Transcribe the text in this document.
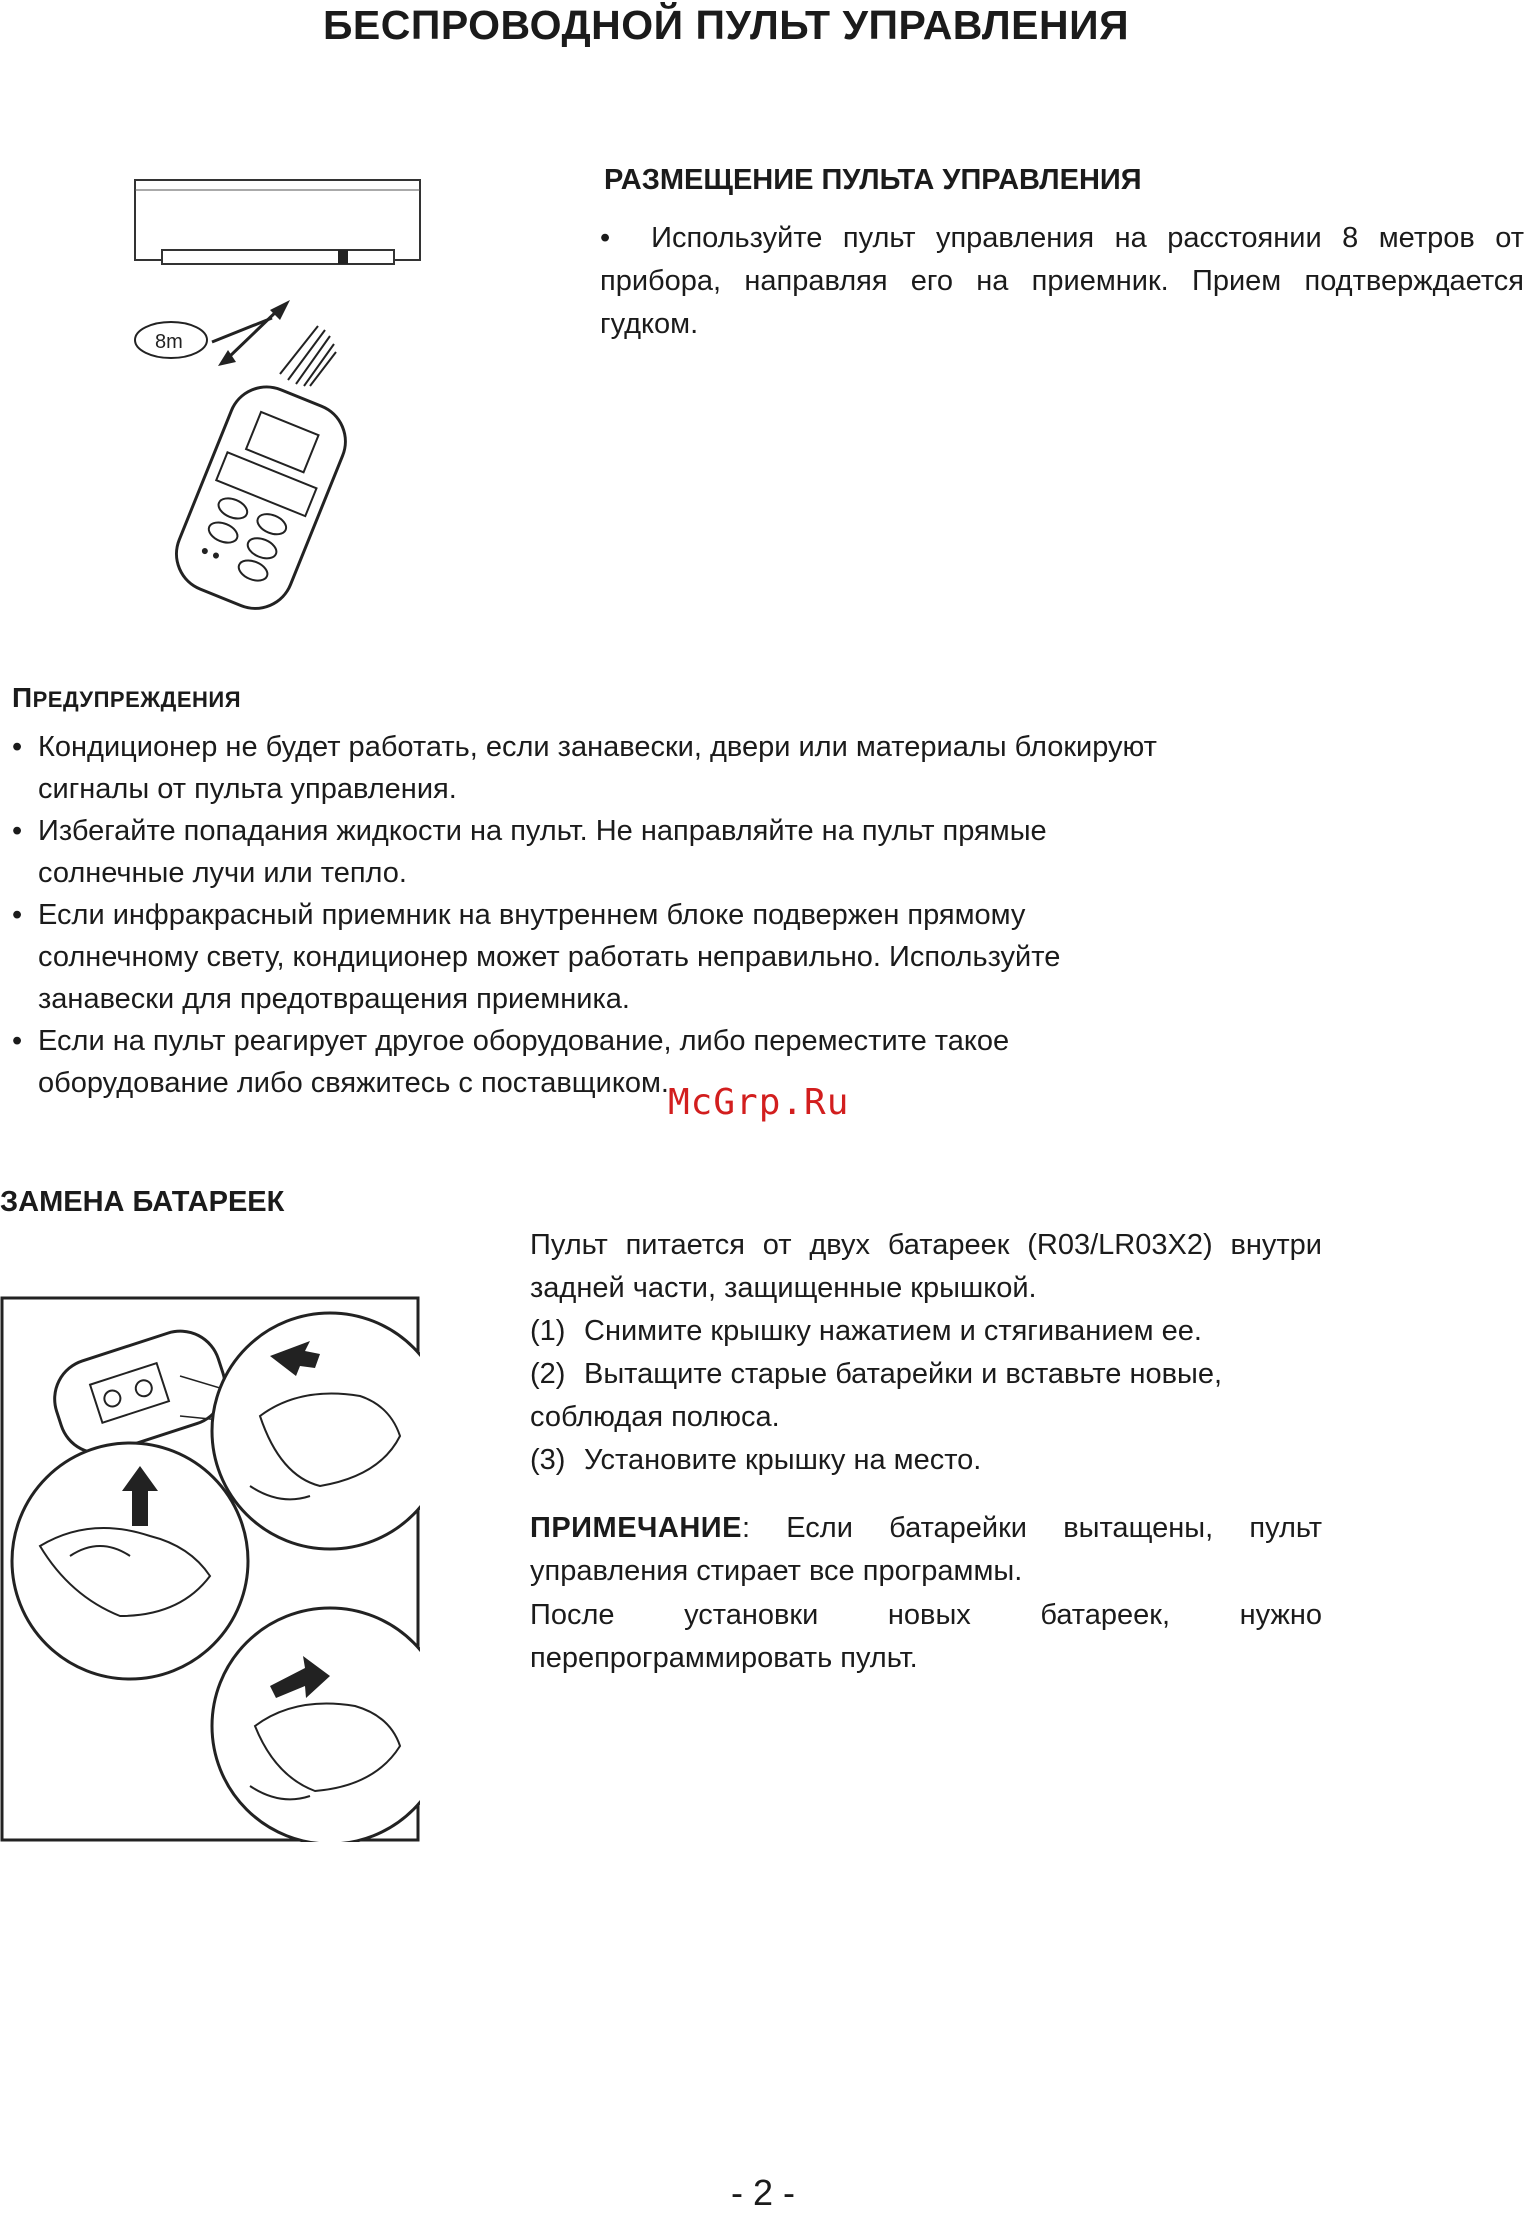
БЕСПРОВОДНОЙ ПУЛЬТ УПРАВЛЕНИЯ
8m
РАЗМЕЩЕНИЕ ПУЛЬТА УПРАВЛЕНИЯ
•  Используйте пульт управления на расстоянии 8 метров от прибора, направляя его на приемник. Прием подтверждается гудком.
ПРЕДУПРЕЖДЕНИЯ
• Кондиционер не будет работать, если занавески, двери или материалы блокируют сигналы от пульта управления.
• Избегайте попадания жидкости на пульт. Не направляйте на пульт прямые солнечные лучи или тепло.
• Если инфракрасный приемник на внутреннем блоке подвержен прямому солнечному свету, кондиционер может работать неправильно. Используйте занавески для предотвращения приемника.
• Если на пульт реагирует другое оборудование, либо переместите такое оборудование либо свяжитесь с поставщиком. McGrp.Ru
ЗАМЕНА БАТАРЕЕК
Пульт питается от двух батареек (R03/LR03X2) внутри задней части, защищенные крышкой.

(1) Снимите крышку нажатием и стягиванием ее.

(2) Вытащите старые батарейки и вставьте новые,

соблюдая полюса.

(3) Установите крышку на место.

ПРИМЕЧАНИЕ: Если батарейки вытащены, пульт управления стирает все программы.
После установки новых батареек, нужно перепрограммировать пульт.
- 2 -
